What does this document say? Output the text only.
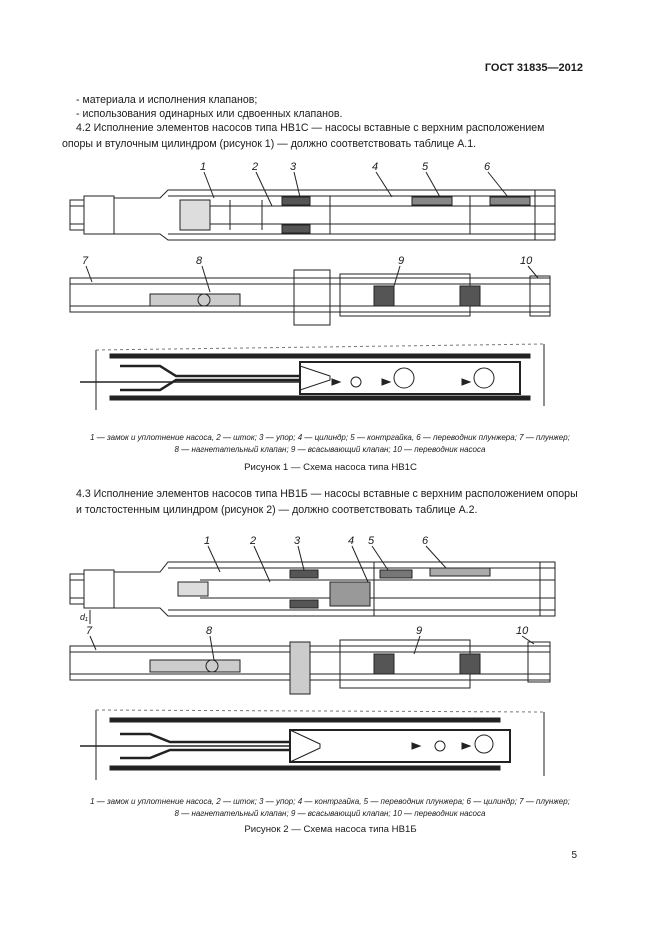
ГОСТ 31835—2012
- материала и исполнения клапанов;
- использования одинарных или сдвоенных клапанов.
4.2 Исполнение элементов насосов типа НВ1С — насосы вставные с верхним расположением опоры и втулочным цилиндром (рисунок 1) — должно соответствовать таблице А.1.
1	2	3	4	5	6
7	8	9	10
1	2	3	4 5	6
7	8	9	10
d₁
1 — замок и уплотнение насоса, 2 — шток; 3 — упор; 4 — цилиндр; 5 — контргайка, 6 — переводник плунжера; 7 — плунжер;
8 — нагнетательный клапан; 9 — всасывающий клапан; 10 — переводник насоса
Рисунок 1 — Схема насоса типа НВ1С
4.3 Исполнение элементов насосов типа НВ1Б — насосы вставные с верхним расположением опоры и толстостенным цилиндром (рисунок 2) — должно соответствовать таблице А.2.
1 — замок и уплотнение насоса, 2 — шток; 3 — упор; 4 — контргайка, 5 — переводник плунжера; 6 — цилиндр; 7 — плунжер;
8 — нагнетательный клапан; 9 — всасывающий клапан; 10 — переводник насоса
Рисунок 2 — Схема насоса типа НВ1Б
5
